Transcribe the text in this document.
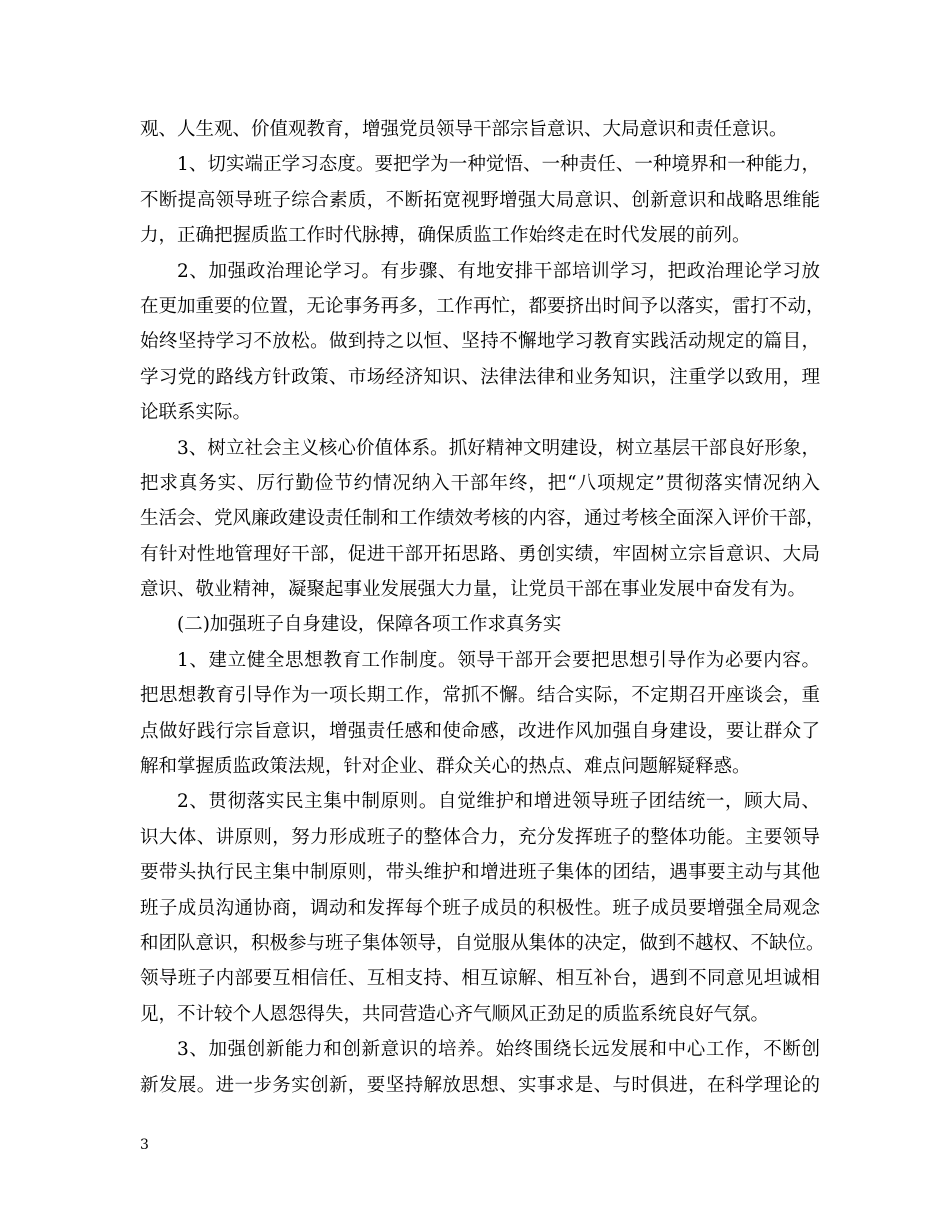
观、人生观、价值观教育，增强党员领导干部宗旨意识、大局意识和责任意识。
1、切实端正学习态度。要把学为一种觉悟、一种责任、一种境界和一种能力，
不断提高领导班子综合素质，不断拓宽视野增强大局意识、创新意识和战略思维能
力，正确把握质监工作时代脉搏，确保质监工作始终走在时代发展的前列。
2、加强政治理论学习。有步骤、有地安排干部培训学习，把政治理论学习放
在更加重要的位置，无论事务再多，工作再忙，都要挤出时间予以落实，雷打不动，
始终坚持学习不放松。做到持之以恒、坚持不懈地学习教育实践活动规定的篇目，
学习党的路线方针政策、市场经济知识、法律法律和业务知识，注重学以致用，理
论联系实际。
3、树立社会主义核心价值体系。抓好精神文明建设，树立基层干部良好形象，
把求真务实、厉行勤俭节约情况纳入干部年终，把“八项规定”贯彻落实情况纳入
生活会、党风廉政建设责任制和工作绩效考核的内容，通过考核全面深入评价干部，
有针对性地管理好干部，促进干部开拓思路、勇创实绩，牢固树立宗旨意识、大局
意识、敬业精神，凝聚起事业发展强大力量，让党员干部在事业发展中奋发有为。
(二)加强班子自身建设，保障各项工作求真务实
1、建立健全思想教育工作制度。领导干部开会要把思想引导作为必要内容。
把思想教育引导作为一项长期工作，常抓不懈。结合实际，不定期召开座谈会，重
点做好践行宗旨意识，增强责任感和使命感，改进作风加强自身建设，要让群众了
解和掌握质监政策法规，针对企业、群众关心的热点、难点问题解疑释惑。
2、贯彻落实民主集中制原则。自觉维护和增进领导班子团结统一，顾大局、
识大体、讲原则，努力形成班子的整体合力，充分发挥班子的整体功能。主要领导
要带头执行民主集中制原则，带头维护和增进班子集体的团结，遇事要主动与其他
班子成员沟通协商，调动和发挥每个班子成员的积极性。班子成员要增强全局观念
和团队意识，积极参与班子集体领导，自觉服从集体的决定，做到不越权、不缺位。
领导班子内部要互相信任、互相支持、相互谅解、相互补台，遇到不同意见坦诚相
见，不计较个人恩怨得失，共同营造心齐气顺风正劲足的质监系统良好气氛。
3、加强创新能力和创新意识的培养。始终围绕长远发展和中心工作，不断创
新发展。进一步务实创新，要坚持解放思想、实事求是、与时俱进，在科学理论的
3
